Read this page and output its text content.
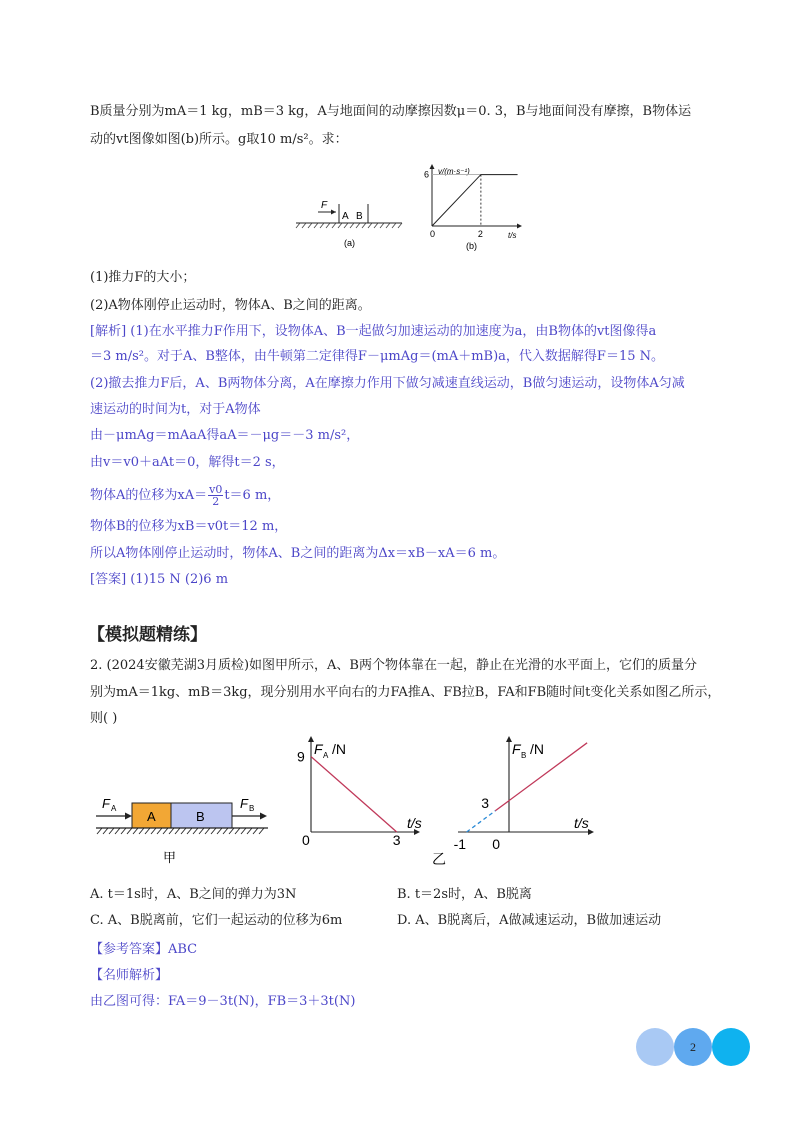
B质量分别为mA＝1 kg，mB＝3 kg，A与地面间的动摩擦因数μ＝0. 3，B与地面间没有摩擦，B物体运
动的vt图像如图(b)所示。g取10 m/s²。求：
F
A B
(a)
v/(m·s⁻¹)
t/s
6
0	2
(b)
(1)推力F的大小；
(2)A物体刚停止运动时，物体A、B之间的距离。
[解析] (1)在水平推力F作用下，设物体A、B一起做匀加速运动的加速度为a，由B物体的vt图像得a
＝3 m/s²。对于A、B整体，由牛顿第二定律得F－μmAg＝(mA＋mB)a，代入数据解得F＝15 N。
(2)撤去推力F后，A、B两物体分离，A在摩擦力作用下做匀减速直线运动，B做匀速运动，设物体A匀减
速运动的时间为t，对于A物体
由－μmAg＝mAaA得aA＝－μg＝－3 m/s²，
由v＝v0＋aAt＝0，解得t＝2 s，
物体A的位移为$xA= \frac{v0}{2} t=6$ m，
物体B的位移为xB＝v0t＝12 m，
所以A物体刚停止运动时，物体A、B之间的距离为Δx＝xB－xA＝6 m。
[答案] (1)15 N (2)6 m
【模拟题精练】
2. (2024安徽芜湖3月质检)如图甲所示，A、B两个物体靠在一起，静止在光滑的水平面上，它们的质量分
别为mA＝1kg、mB＝3kg，现分别用水平向右的力FA推A、FB拉B，FA和FB随时间t变化关系如图乙所示，
则( )
F A
A	B
F B
甲
F A /N
9
3
t/s
0
F B /N
3
-1 0
t/s
乙
A. t＝1s时，A、B之间的弹力为3N	B. t＝2s时，A、B脱离
C. A、B脱离前，它们一起运动的位移为6m	D. A、B脱离后，A做减速运动，B做加速运动
【参考答案】ABC
【名师解析】
由乙图可得：FA＝9－3t(N)，FB＝3＋3t(N)
2
